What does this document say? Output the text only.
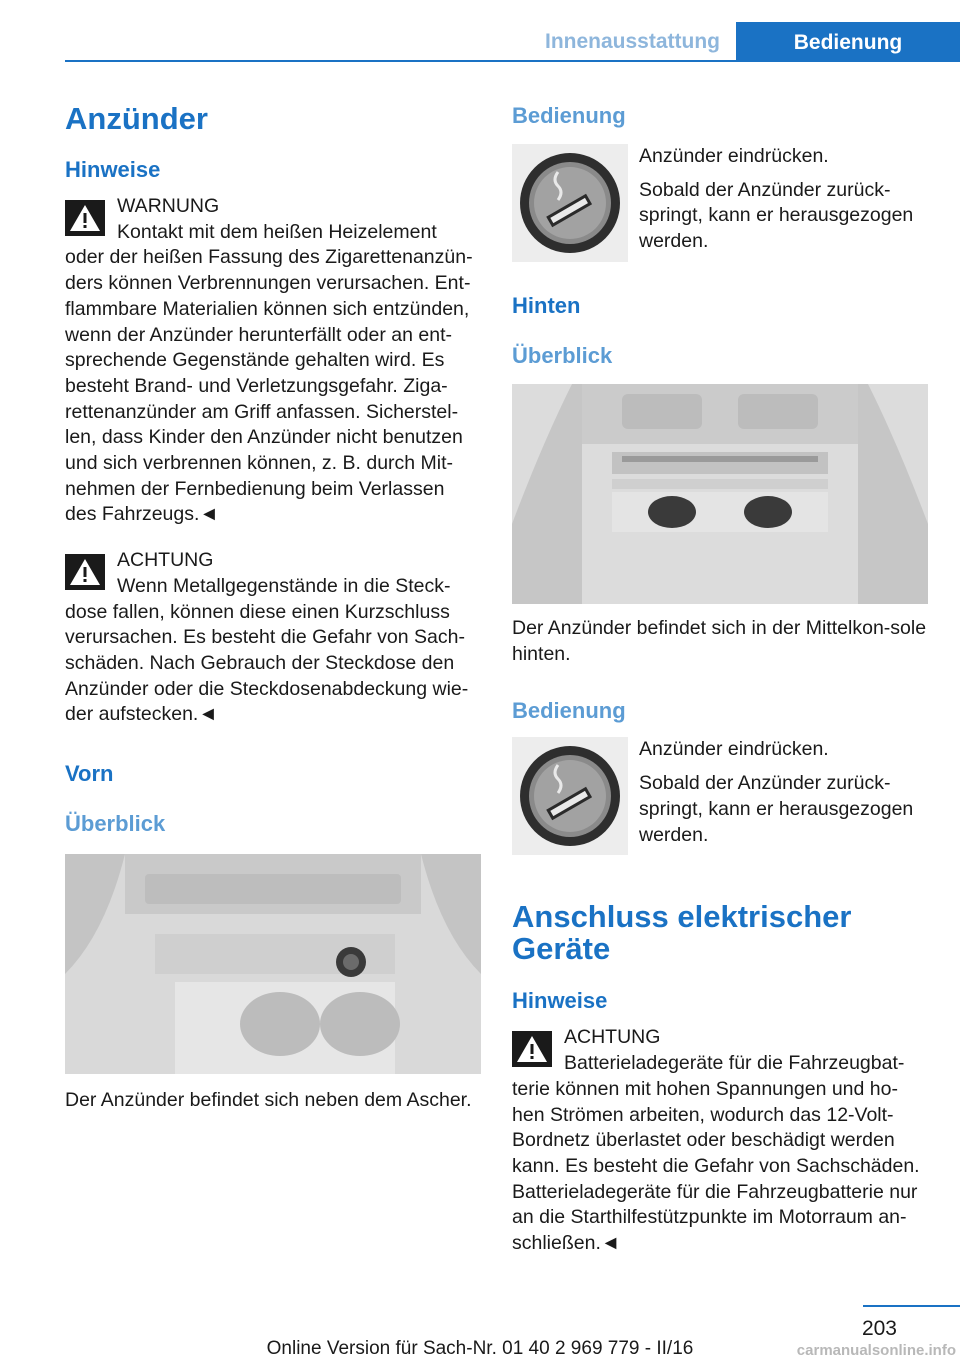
Innenausstattung	Bedienung
Anzünder
Hinweise
WARNUNG

Kontakt mit dem heißen Heizelement oder der heißen Fassung des Zigarettenanzün‐ders können Verbrennungen verursachen. Ent‐flammbare Materialien können sich entzünden, wenn der Anzünder herunterfällt oder an ent‐sprechende Gegenstände gehalten wird. Es besteht Brand- und Verletzungsgefahr. Ziga‐rettenanzünder am Griff anfassen. Sicherstel‐len, dass Kinder den Anzünder nicht benutzen und sich verbrennen können, z. B. durch Mit‐nehmen der Fernbedienung beim Verlassen des Fahrzeugs.◄

ACHTUNG

Wenn Metallgegenstände in die Steck‐dose fallen, können diese einen Kurzschluss verursachen. Es besteht die Gefahr von Sach‐schäden. Nach Gebrauch der Steckdose den Anzünder oder die Steckdosenabdeckung wie‐der aufstecken.◄

Vorn
Überblick

Der Anzünder befindet sich neben dem Ascher.

Bedienung

Anzünder eindrücken.

Sobald der Anzünder zurück‐springt, kann er herausgezogen werden.

Hinten
Überblick

Der Anzünder befindet sich in der Mittelkon‐sole hinten.

Bedienung

Anzünder eindrücken.

Sobald der Anzünder zurück‐springt, kann er herausgezogen werden.

Anschluss elektrischer Geräte
Hinweise
ACHTUNG

Batterieladegeräte für die Fahrzeugbat‐terie können mit hohen Spannungen und ho‐hen Strömen arbeiten, wodurch das 12-Volt-Bordnetz überlastet oder beschädigt werden kann. Es besteht die Gefahr von Sachschäden. Batterieladegeräte für die Fahrzeugbatterie nur an die Starthilfestützpunkte im Motorraum an‐schließen.◄

203
Online Version für Sach-Nr. 01 40 2 969 779 - II/16	carmanualsonline.info
